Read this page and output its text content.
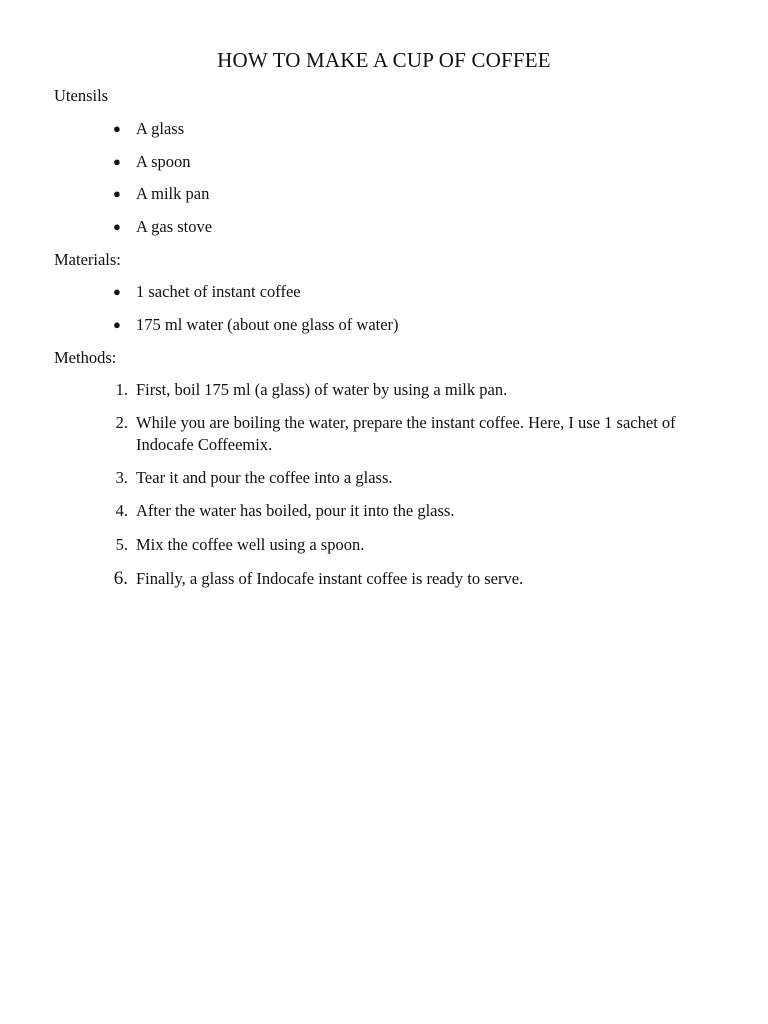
HOW TO MAKE A CUP OF COFFEE
Utensils
● A glass
● A spoon
● A milk pan
● A gas stove
Materials:
● 1 sachet of instant coffee
● 175 ml water (about one glass of water)
Methods:
1. First, boil 175 ml (a glass) of water by using a milk pan.
2. While you are boiling the water, prepare the instant coffee. Here, I use 1 sachet of Indocafe Coffeemix.
3. Tear it and pour the coffee into a glass.
4. After the water has boiled, pour it into the glass.
5. Mix the coffee well using a spoon.
6. Finally, a glass of Indocafe instant coffee is ready to serve.
